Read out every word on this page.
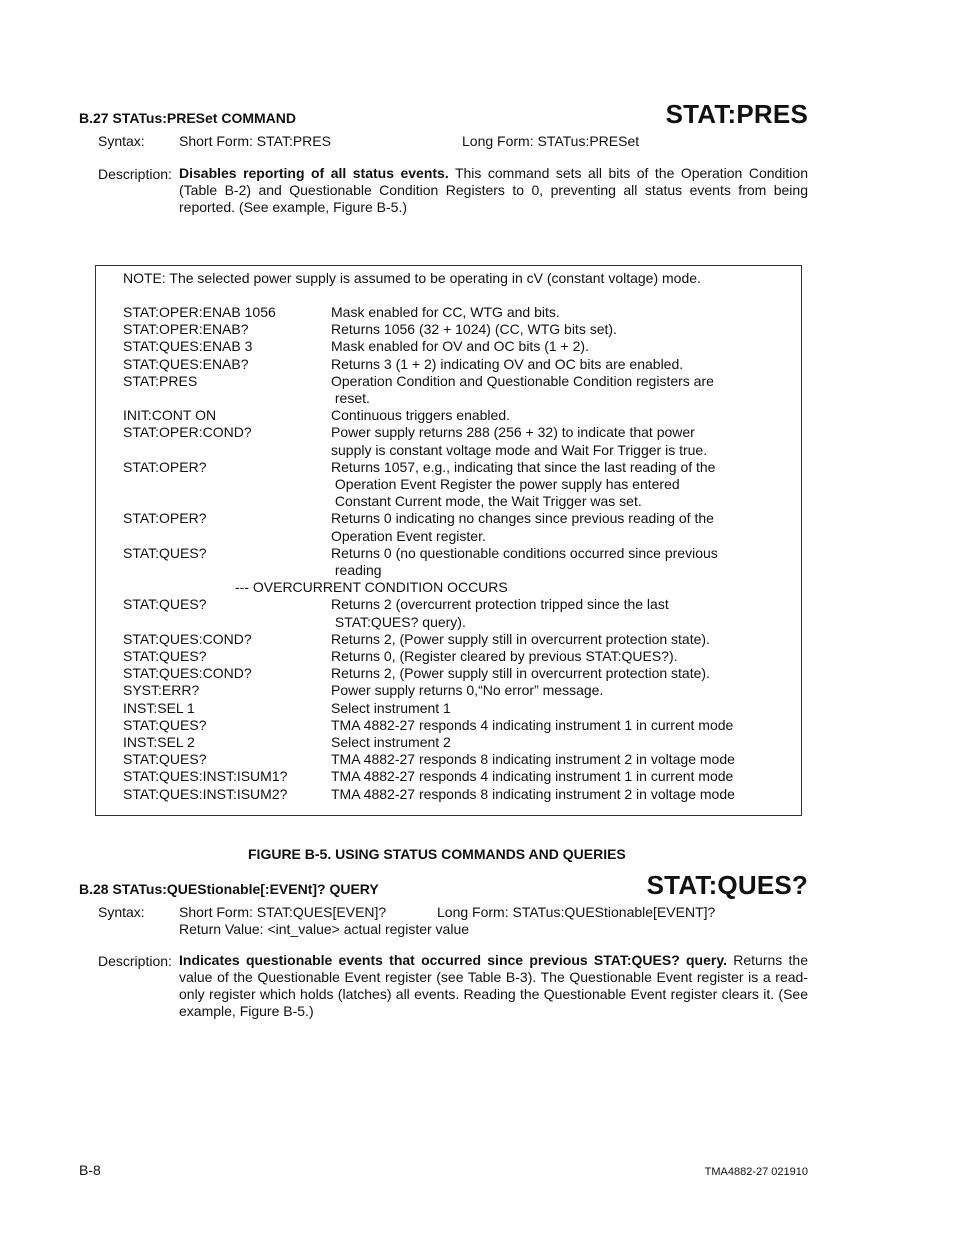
B.27 STATus:PRESet COMMAND	STAT:PRES
Syntax: Short Form: STAT:PRES	Long Form: STATus:PRESet
Description: Disables reporting of all status events. This command sets all bits of the Operation Condition (Table B-2) and Questionable Condition Registers to 0, preventing all status events from being reported. (See example, Figure B-5.)
NOTE: The selected power supply is assumed to be operating in cV (constant voltage) mode.
STAT:OPER:ENAB 1056	Mask enabled for CC, WTG and bits.
STAT:OPER:ENAB?	Returns 1056 (32 + 1024) (CC, WTG bits set).
STAT:QUES:ENAB 3	Mask enabled for OV and OC bits (1 + 2).
STAT:QUES:ENAB?	Returns 3 (1 + 2) indicating OV and OC bits are enabled.
STAT:PRES	Operation Condition and Questionable Condition registers are
reset.
INIT:CONT ON	Continuous triggers enabled.
STAT:OPER:COND?	Power supply returns 288 (256 + 32) to indicate that power
supply is constant voltage mode and Wait For Trigger is true.
STAT:OPER?	Returns 1057, e.g., indicating that since the last reading of the
Operation Event Register the power supply has entered
Constant Current mode, the Wait Trigger was set.
STAT:OPER?	Returns 0 indicating no changes since previous reading of the
Operation Event register.
STAT:QUES?	Returns 0 (no questionable conditions occurred since previous
reading
--- OVERCURRENT CONDITION OCCURS
STAT:QUES?	Returns 2 (overcurrent protection tripped since the last
STAT:QUES? query).
STAT:QUES:COND?	Returns 2, (Power supply still in overcurrent protection state).
STAT:QUES?	Returns 0, (Register cleared by previous STAT:QUES?).
STAT:QUES:COND?	Returns 2, (Power supply still in overcurrent protection state).
SYST:ERR?	Power supply returns 0,“No error” message.
INST:SEL 1	Select instrument 1
STAT:QUES?	TMA 4882-27 responds 4 indicating instrument 1 in current mode
INST:SEL 2	Select instrument 2
STAT:QUES?	TMA 4882-27 responds 8 indicating instrument 2 in voltage mode
STAT:QUES:INST:ISUM1?	TMA 4882-27 responds 4 indicating instrument 1 in current mode
STAT:QUES:INST:ISUM2?	TMA 4882-27 responds 8 indicating instrument 2 in voltage mode
FIGURE B-5. USING STATUS COMMANDS AND QUERIES
B.28 STATus:QUEStionable[:EVENt]? QUERY	STAT:QUES?
Syntax: Short Form: STAT:QUES[EVEN]?	Long Form: STATus:QUEStionable[EVENT]?
Return Value: <int_value> actual register value
Description: Indicates questionable events that occurred since previous STAT:QUES? query. Returns the value of the Questionable Event register (see Table B-3). The Questionable Event register is a read-only register which holds (latches) all events. Reading the Questionable Event register clears it. (See example, Figure B-5.)
B-8	TMA4882-27 021910
